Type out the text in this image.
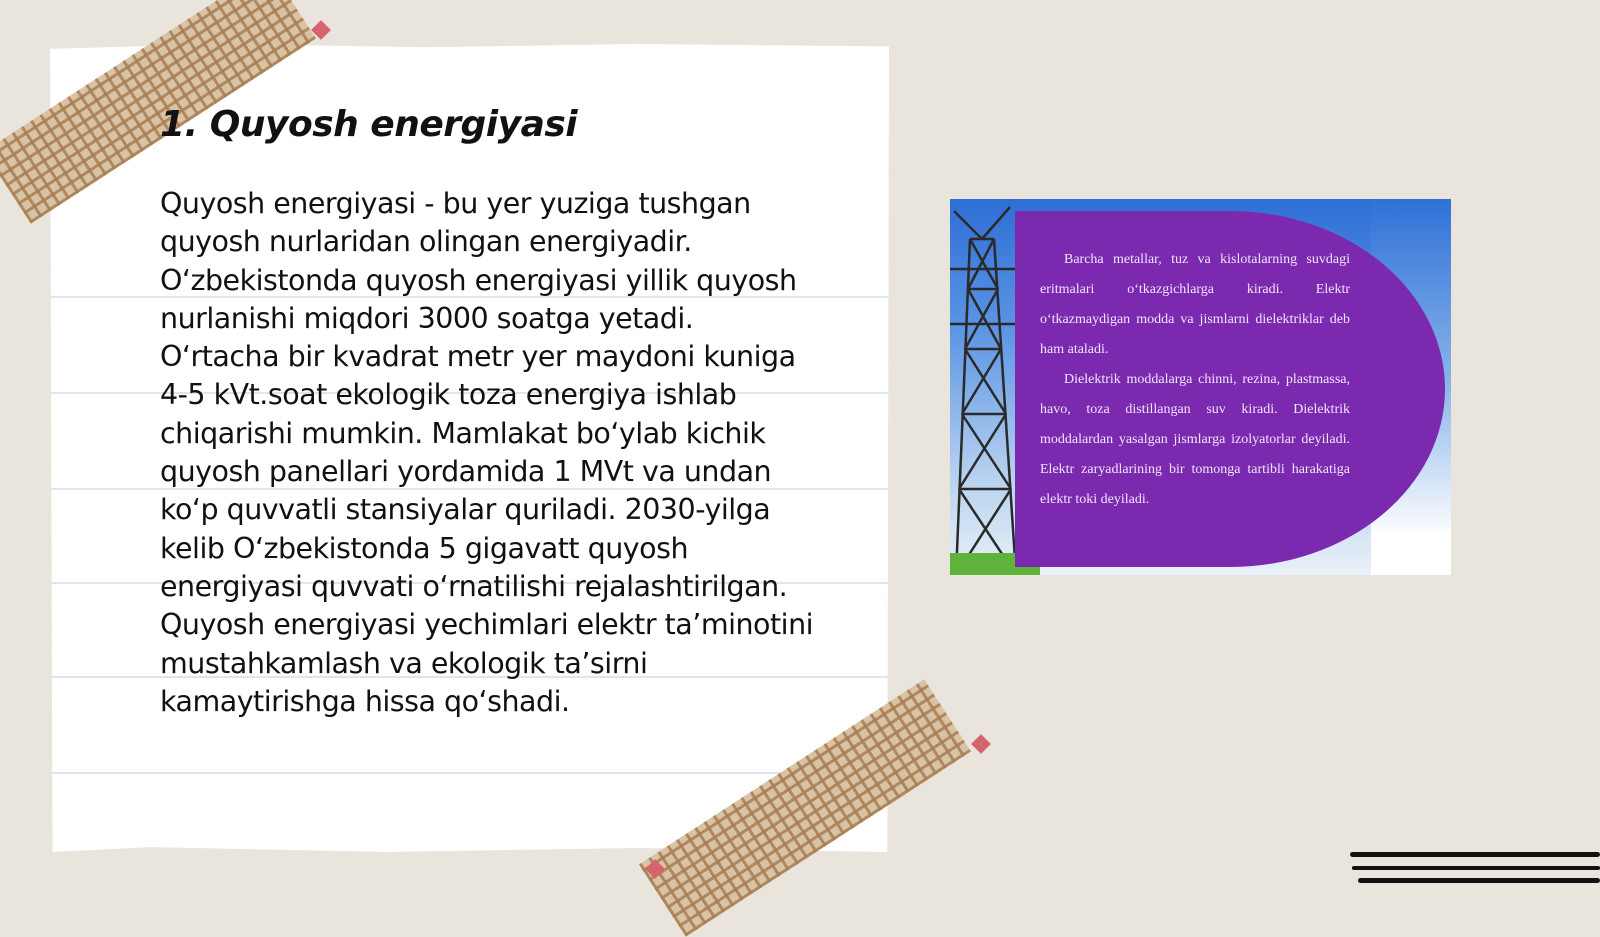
1. Quyosh energiyasi

Quyosh energiyasi - bu yer yuziga tushgan quyosh nurlaridan olingan energiyadir. O‘zbekistonda quyosh energiyasi yillik quyosh nurlanishi miqdori 3000 soatga yetadi. O‘rtacha bir kvadrat metr yer maydoni kuniga 4-5 kVt.soat ekologik toza energiya ishlab chiqarishi mumkin. Mamlakat bo‘ylab kichik quyosh panellari yordamida 1 MVt va undan ko‘p quvvatli stansiyalar quriladi. 2030-yilga kelib O‘zbekistonda 5 gigavatt quyosh energiyasi quvvati o‘rnatilishi rejalashtirilgan. Quyosh energiyasi yechimlari elektr ta’minotini mustahkamlash va ekologik ta’sirni kamaytirishga hissa qo‘shadi.

Barcha metallar, tuz va kislotalarning suvdagi eritmalari o‘tkazgichlarga kiradi. Elektr o‘tkazmaydigan modda va jismlarni dielektriklar deb ham ataladi.

Dielektrik moddalarga chinni, rezina, plastmassa, havo, toza distillangan suv kiradi. Dielektrik moddalardan yasalgan jismlarga izolyatorlar deyiladi. Elektr zaryadlarining bir tomonga tartibli harakatiga elektr toki deyiladi.
